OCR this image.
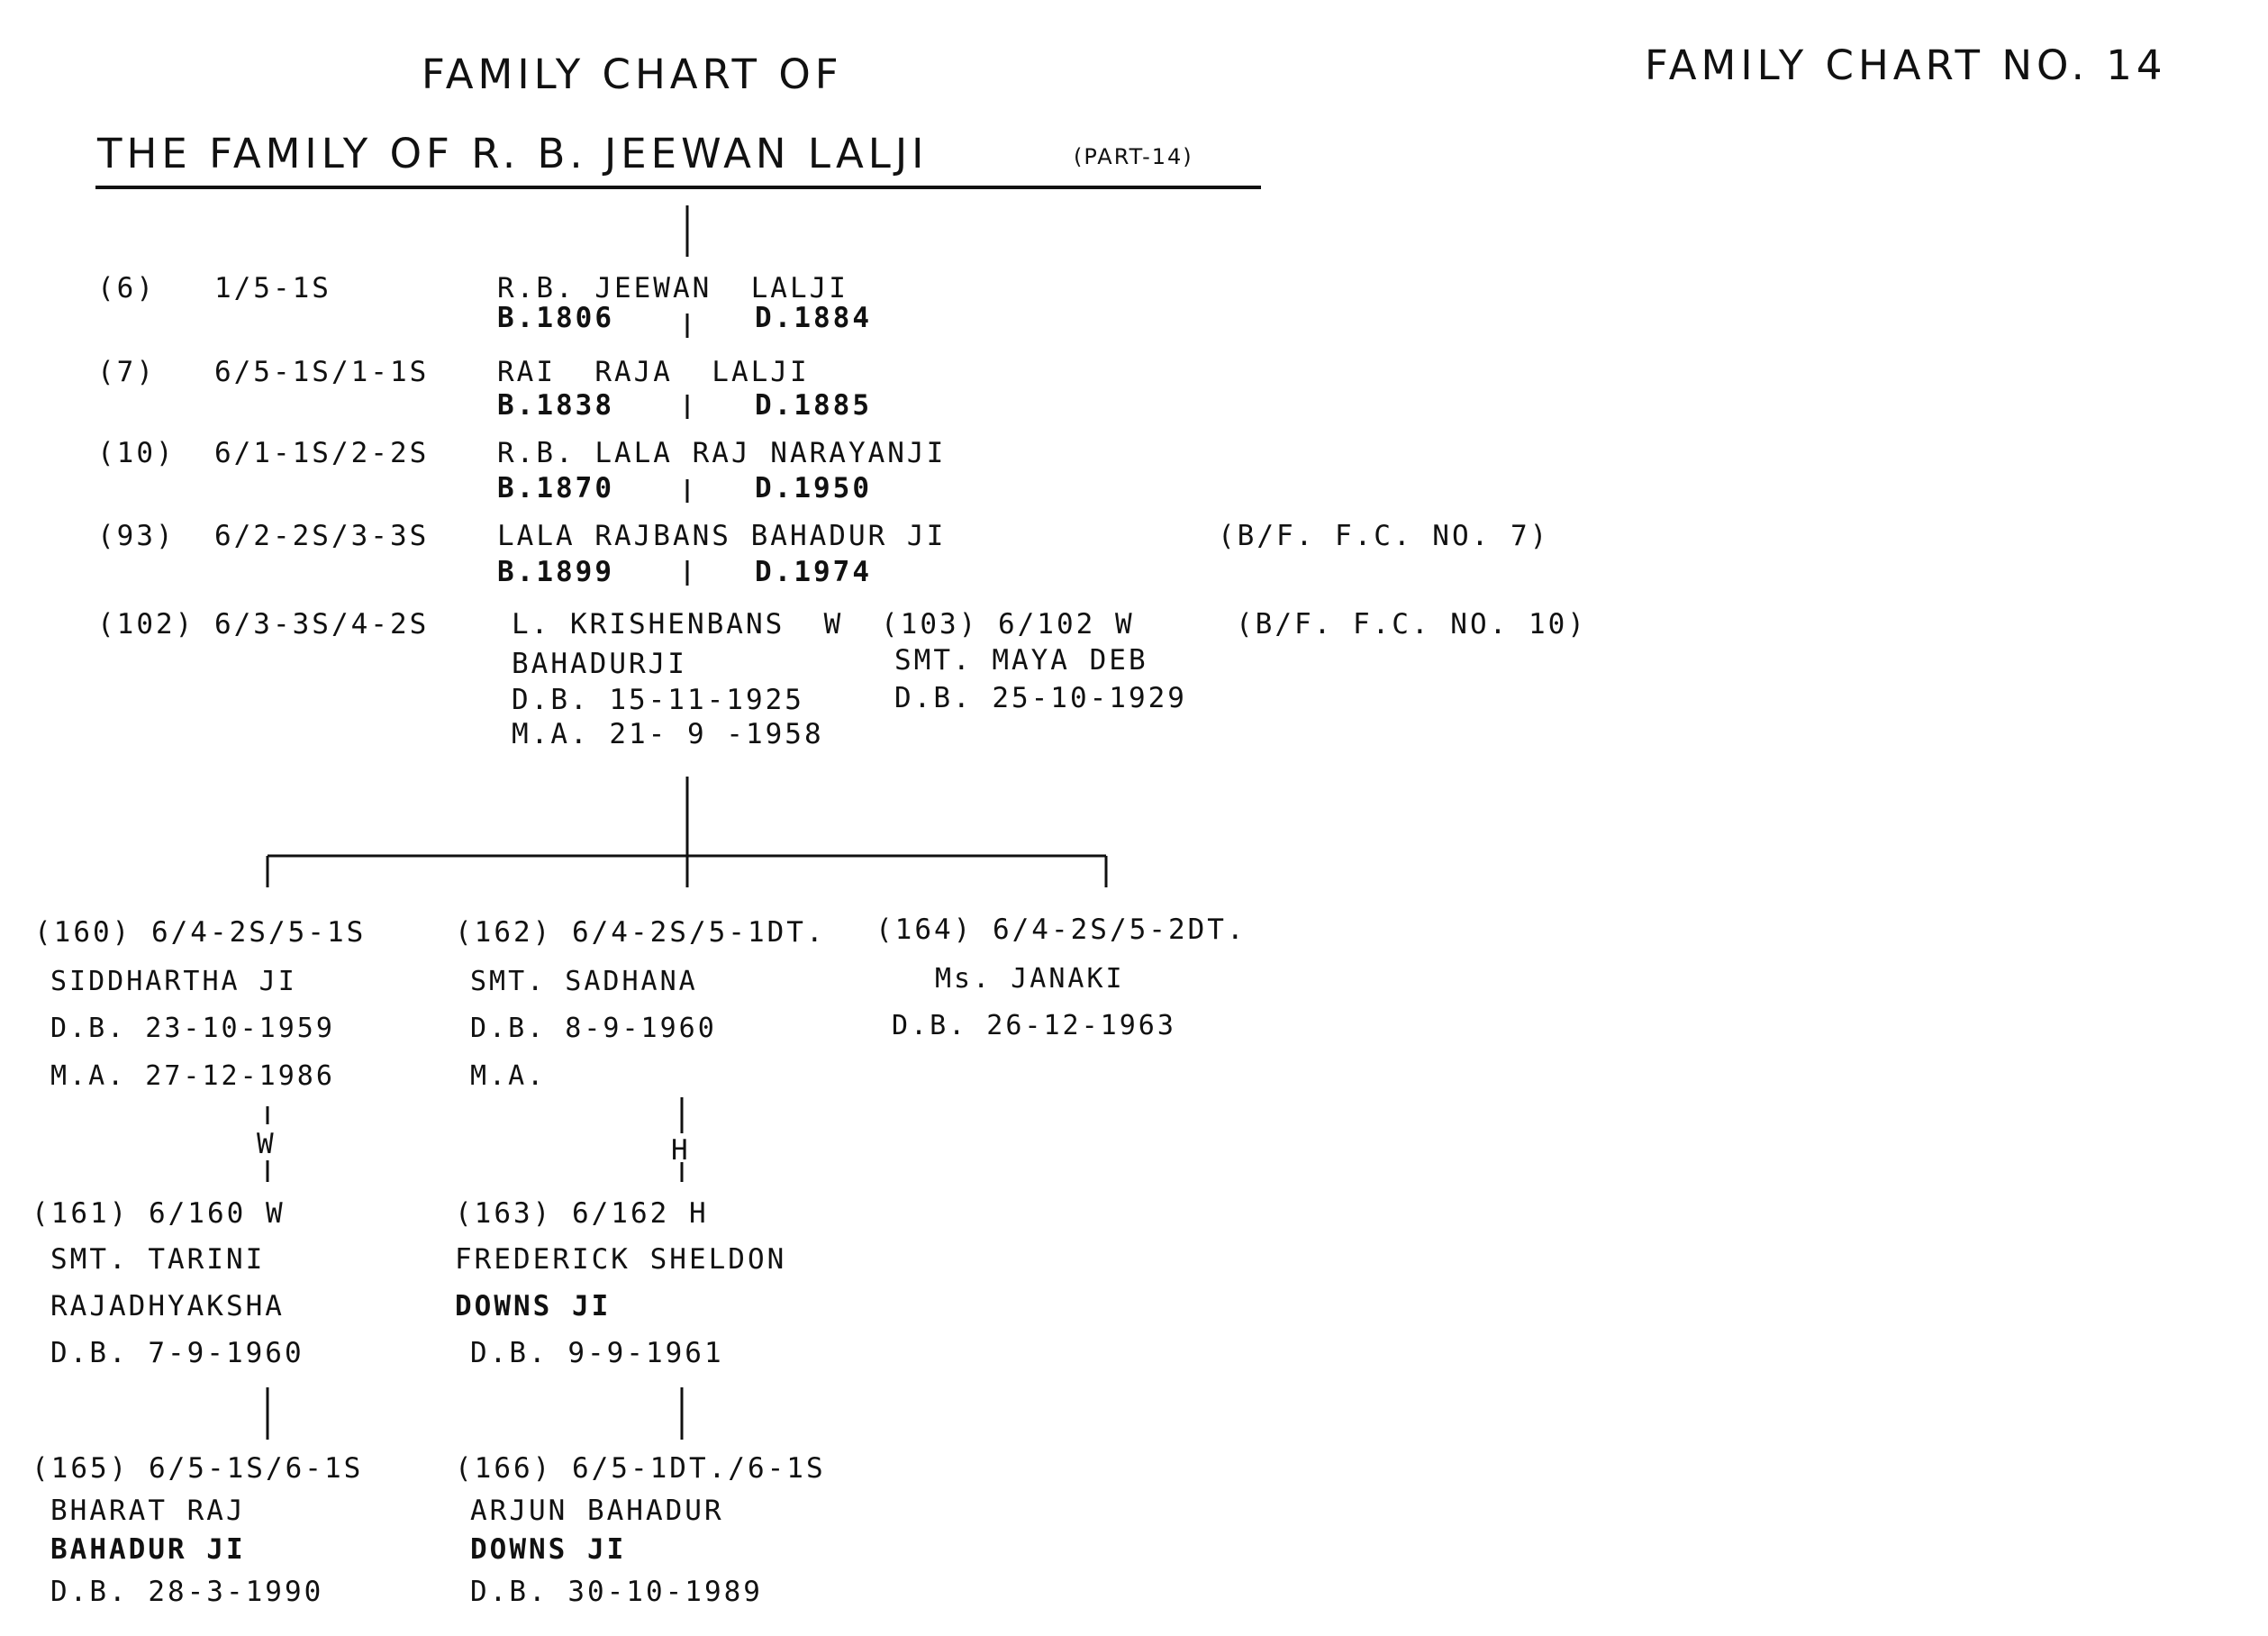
FAMILY CHART OF
THE FAMILY OF R. B. JEEWAN LALJI	(PART-14)
FAMILY CHART NO. 14
(6)   1/5-1S	R.B. JEEWAN  LALJI
B.1806	D.1884
(7)   6/5-1S/1-1S RAI  RAJA  LALJI
B.1838	D.1885
(10)  6/1-1S/2-2S R.B. LALA RAJ NARAYANJI
B.1870	D.1950
(93)  6/2-2S/3-3S LALA RAJBANS BAHADUR JI
B.1899	D.1974
(B/F. F.C. NO. 7)
(102) 6/3-3S/4-2S	L. KRISHENBANS  W
BAHADURJI
D.B. 15-11-1925
M.A. 21- 9 -1958
(103) 6/102 W
SMT. MAYA DEB
D.B. 25-10-1929
(B/F. F.C. NO. 10)
(160) 6/4-2S/5-1S
SIDDHARTHA JI
D.B. 23-10-1959
M.A. 27-12-1986
(162) 6/4-2S/5-1DT.
SMT. SADHANA
D.B. 8-9-1960
M.A.
(164) 6/4-2S/5-2DT.
Ms. JANAKI
D.B. 26-12-1963
W	H
(161) 6/160 W
SMT. TARINI
RAJADHYAKSHA
D.B. 7-9-1960
(163) 6/162 H
FREDERICK SHELDON
DOWNS JI
D.B. 9-9-1961
(165) 6/5-1S/6-1S
BHARAT RAJ
BAHADUR JI
D.B. 28-3-1990
(166) 6/5-1DT./6-1S
ARJUN BAHADUR
DOWNS JI
D.B. 30-10-1989
